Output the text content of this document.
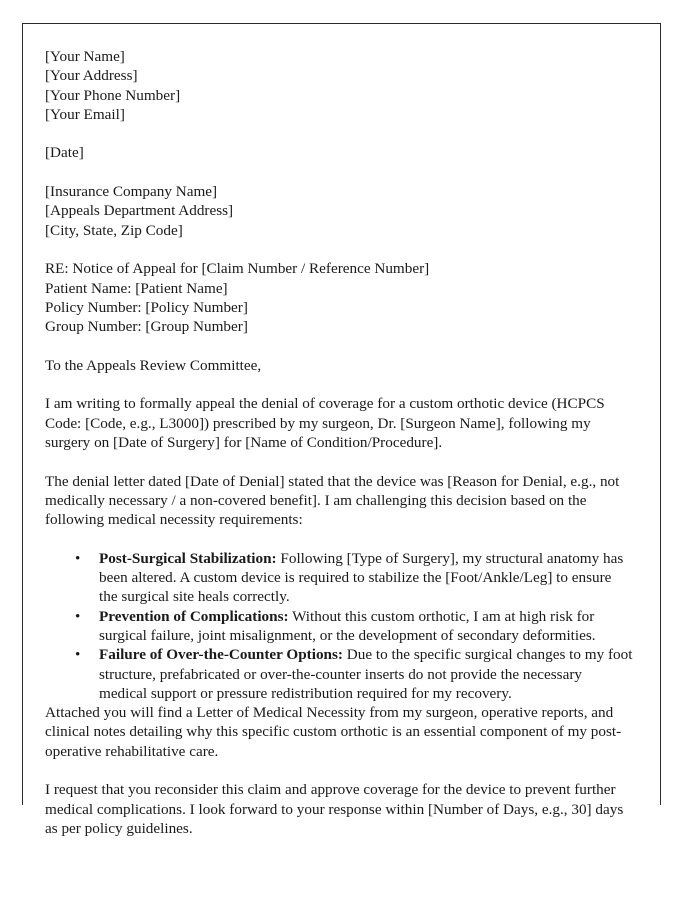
[Your Name]
[Your Address]
[Your Phone Number]
[Your Email]
[Date]
[Insurance Company Name]
[Appeals Department Address]
[City, State, Zip Code]
RE: Notice of Appeal for [Claim Number / Reference Number]
Patient Name: [Patient Name]
Policy Number: [Policy Number]
Group Number: [Group Number]
To the Appeals Review Committee,

I am writing to formally appeal the denial of coverage for a custom orthotic device (HCPCS Code: [Code, e.g., L3000]) prescribed by my surgeon, Dr. [Surgeon Name], following my surgery on [Date of Surgery] for [Name of Condition/Procedure].

The denial letter dated [Date of Denial] stated that the device was [Reason for Denial, e.g., not medically necessary / a non-covered benefit]. I am challenging this decision based on the following medical necessity requirements:

• Post-Surgical Stabilization: Following [Type of Surgery], my structural anatomy has been altered. A custom device is required to stabilize the [Foot/Ankle/Leg] to ensure the surgical site heals correctly.
• Prevention of Complications: Without this custom orthotic, I am at high risk for surgical failure, joint misalignment, or the development of secondary deformities.
• Failure of Over-the-Counter Options: Due to the specific surgical changes to my foot structure, prefabricated or over-the-counter inserts do not provide the necessary medical support or pressure redistribution required for my recovery.

Attached you will find a Letter of Medical Necessity from my surgeon, operative reports, and clinical notes detailing why this specific custom orthotic is an essential component of my post-operative rehabilitative care.

I request that you reconsider this claim and approve coverage for the device to prevent further medical complications. I look forward to your response within [Number of Days, e.g., 30] days as per policy guidelines.
